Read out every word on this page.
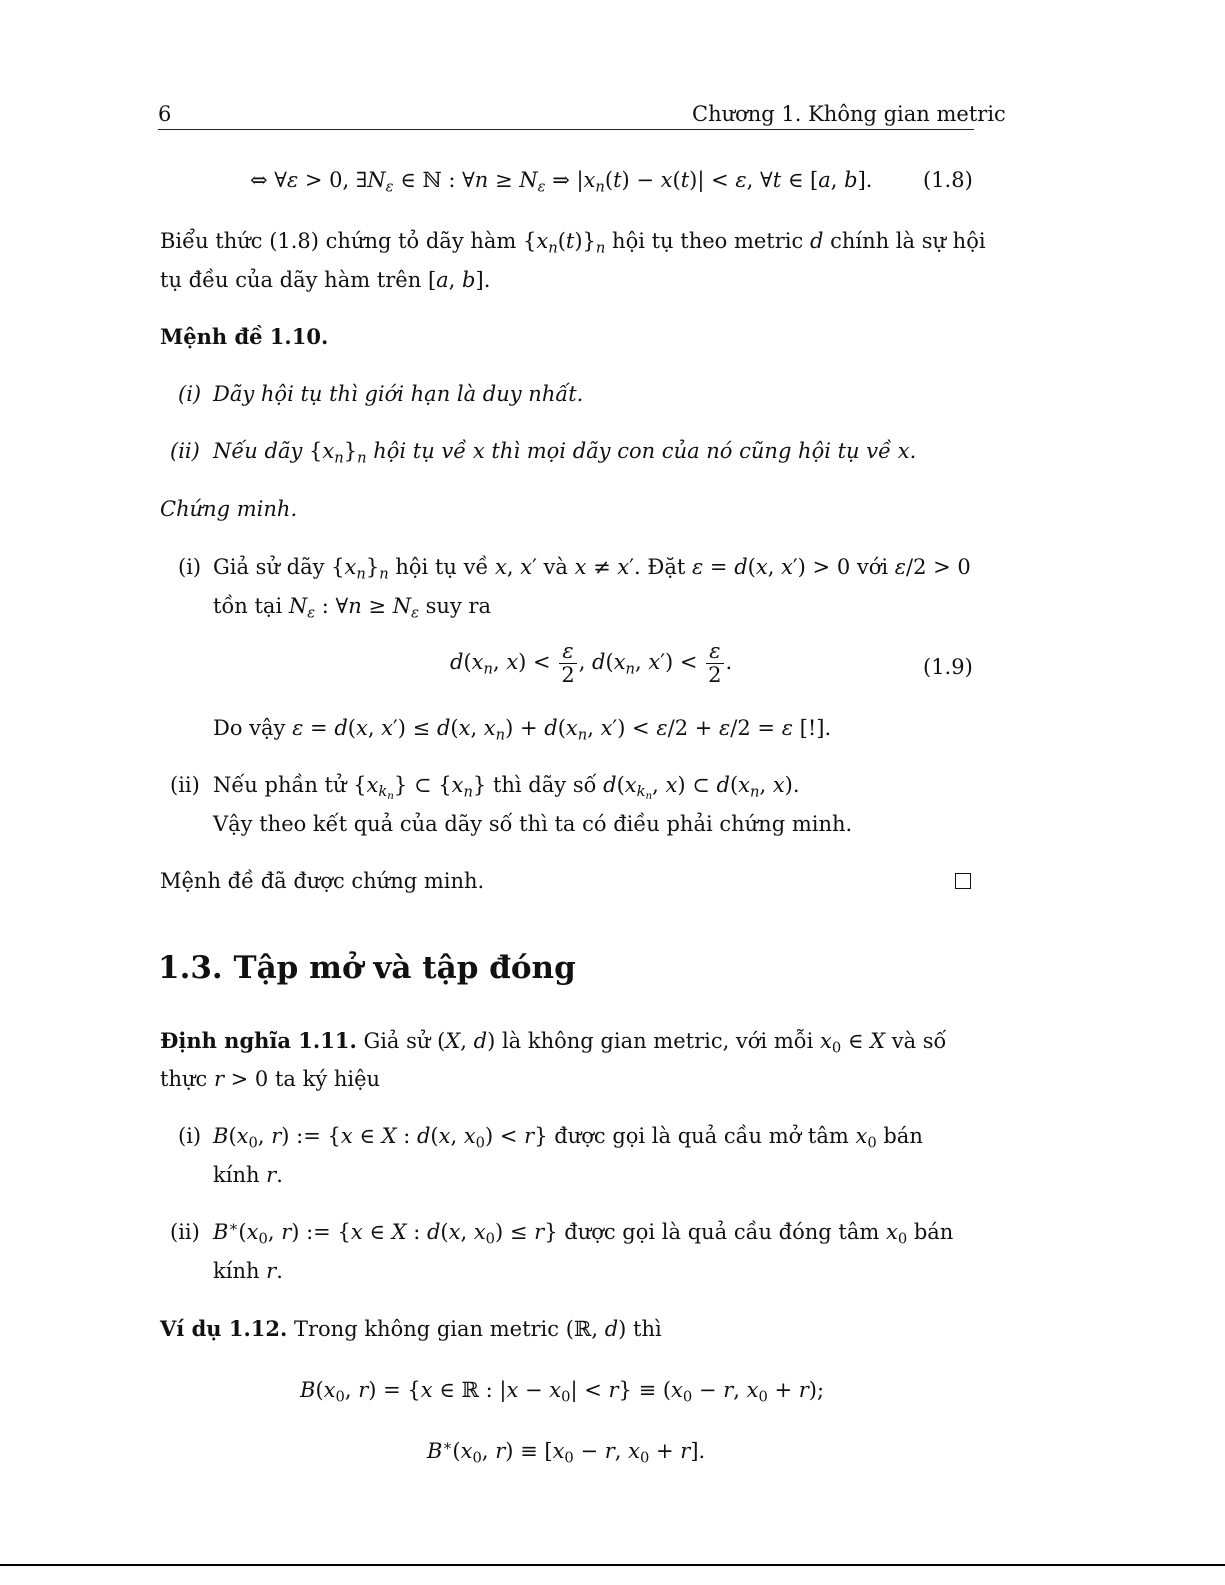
6	Chương 1. Không gian metric
⇔ ∀ε > 0, $\exists N_\varepsilon$ ∈ ℕ : ∀n ≥ $N_\varepsilon$ ⇒ $|x_n(t) - x(t)| < \varepsilon$, ∀t ∈ [a, b]. (1.8)
Biểu thức (1.8) chứng tỏ dãy hàm $\{x_n(t)\}_n$ hội tụ theo metric d chính là sự hội
tụ đều của dãy hàm trên [a, b].
Mệnh đề 1.10.
(i) Dãy hội tụ thì giới hạn là duy nhất.
(ii) Nếu dãy $\{x_n\}_n$ hội tụ về x thì mọi dãy con của nó cũng hội tụ về x.
Chứng minh.
(i) Giả sử dãy $\{x_n\}_n$ hội tụ về x, x′ và x ≠ x′. Đặt ε = d(x, x′) > 0 với ε/2 > 0
tồn tại $N_\varepsilon$ : ∀n ≥ $N_\varepsilon$ suy ra
$d(x_n$, $x) < \frac{\varepsilon}{2}$ , $d(x_n$, $x') < \frac{\varepsilon}{2}$ .	(1.9)
Do vậy ε = d(x, x′) ≤ d(x, $x_n) + d(x_n$, x′) < ε/2 + ε/2 = ε [!].
(ii) Nếu phần tử $\{x_{k_n}\}$ ⊂ $\{x_n\}$ thì dãy số $d(x_{k_n}$, x) ⊂ $d(x_n$, x).
Vậy theo kết quả của dãy số thì ta có điều phải chứng minh.
Mệnh đề đã được chứng minh.
1.3. Tập mở và tập đóng
Định nghĩa 1.11. Giả sử (X, d) là không gian metric, với mỗi $x_0$ ∈ X và số
thực r > 0 ta ký hiệu
(i) $B(x_0$, r) := {x ∈ X : d(x, $x_0) < r$} được gọi là quả cầu mở tâm $x_0$ bán
kính r.
(ii) $B^∗(x_0$, r) := {x ∈ X : d(x, $x_0) \le r$} được gọi là quả cầu đóng tâm $x_0$ bán
kính r.
Ví dụ 1.12. Trong không gian metric (ℝ, d) thì
$B(x_0$, r) = {x ∈ ℝ : $|x - x_0| < r\} \equiv (x_0 - r$, $x_0 + r$);
$B^∗(x_0$, $r) \equiv [x_0 - r$, $x_0 + r$].
